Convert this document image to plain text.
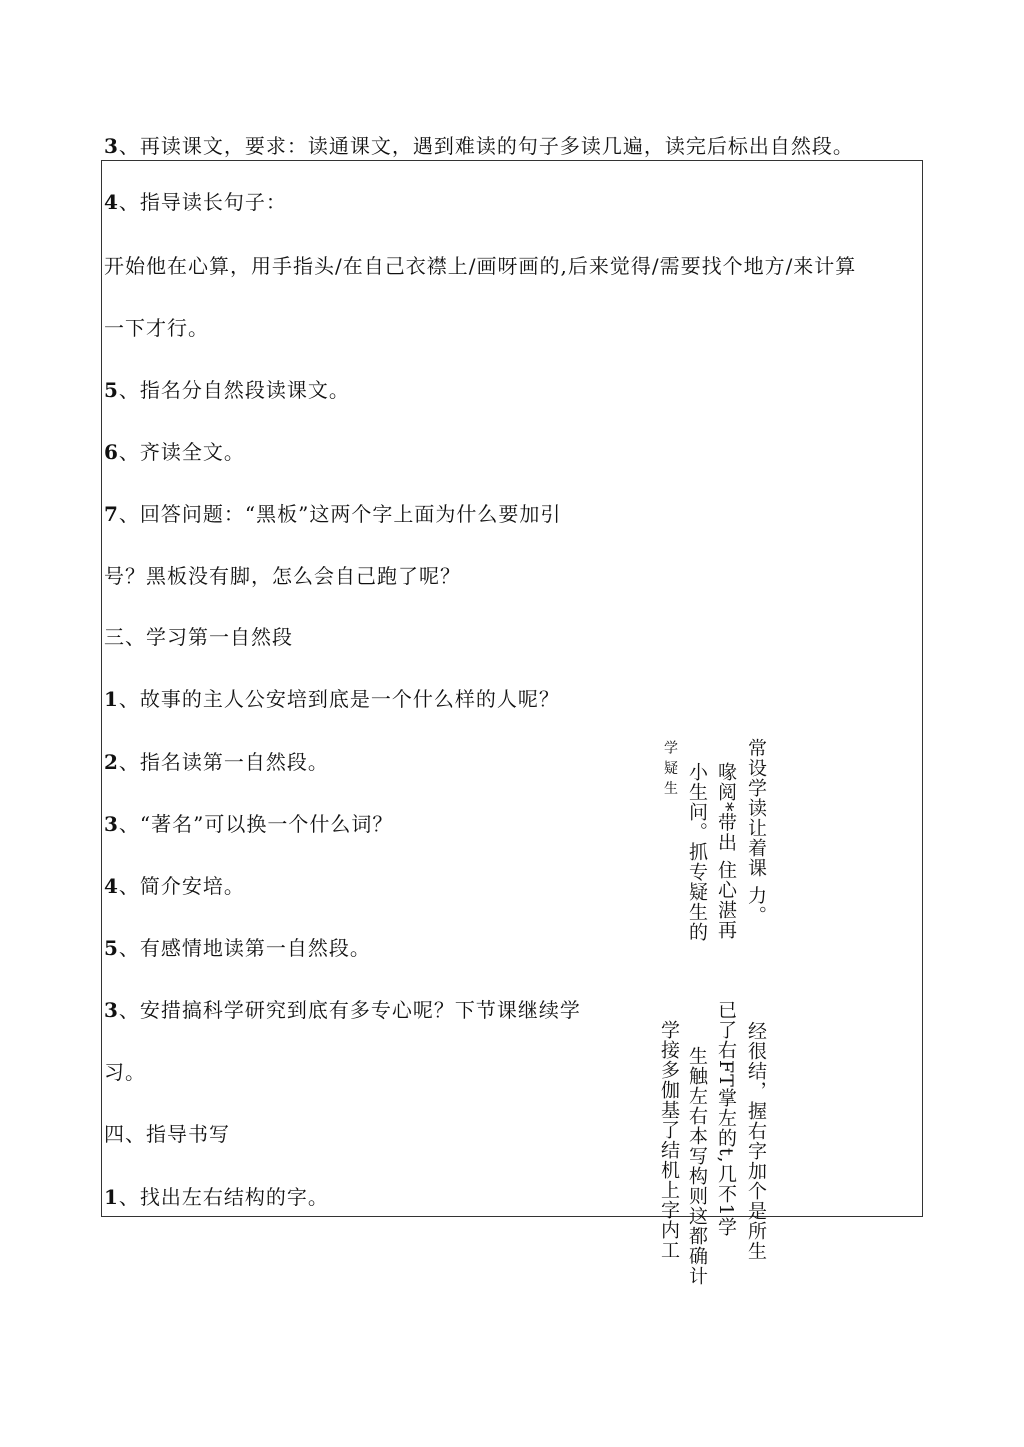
3、再读课文，要求：读通课文，遇到难读的句子多读几遍，读完后标出自然段。
4、指导读长句子：
开始他在心算，用手指头/在自己衣襟上/画呀画的,后来觉得/需要找个地方/来计算
一下才行。
5、指名分自然段读课文。
6、齐读全文。
7、回答问题：“黑板”这两个字上面为什么要加引
号？黑板没有脚，怎么会自己跑了呢？
三、学习第一自然段
1、故事的主人公安培到底是一个什么样的人呢？
2、指名读第一自然段。
3、“著名”可以换一个什么词？
4、简介安培。
5、有感情地读第一自然段。
3、安措搞科学研究到底有多专心呢？下节课继续学
习。
四、指导书写
1、找出左右结构的字。
常设学读让着课 力。
喙阅*带出 住心湛再
小生问。抓专疑生的
学 疑 生
经很结，握右字加个是所生
已了右FT掌左的t,几不1学
生触左右本写构则这都确计
学接多伽基了结机上字内工
